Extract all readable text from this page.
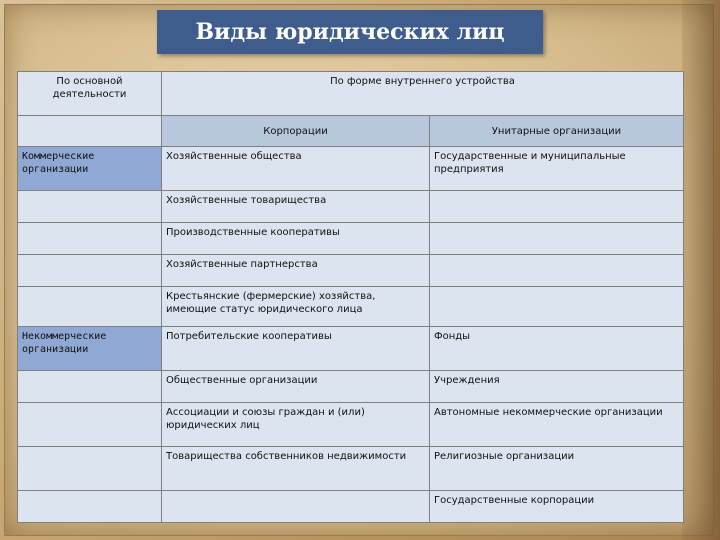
Виды юридических лиц
По основной деятельности	По форме внутреннего устройства	
	Корпорации	Унитарные организации
Коммерческие организации	Хозяйственные общества	Государственные и муниципальные предприятия
	Хозяйственные товарищества	
	Производственные кооперативы	
	Хозяйственные партнерства	
	Крестьянские (фермерские) хозяйства, имеющие статус юридического лица	
Некоммерческие организации	Потребительские кооперативы	Фонды
	Общественные организации	Учреждения
	Ассоциации и союзы граждан и (или) юридических лиц	Автономные некоммерческие организации
	Товарищества собственников недвижимости	Религиозные организации
		Государственные корпорации
